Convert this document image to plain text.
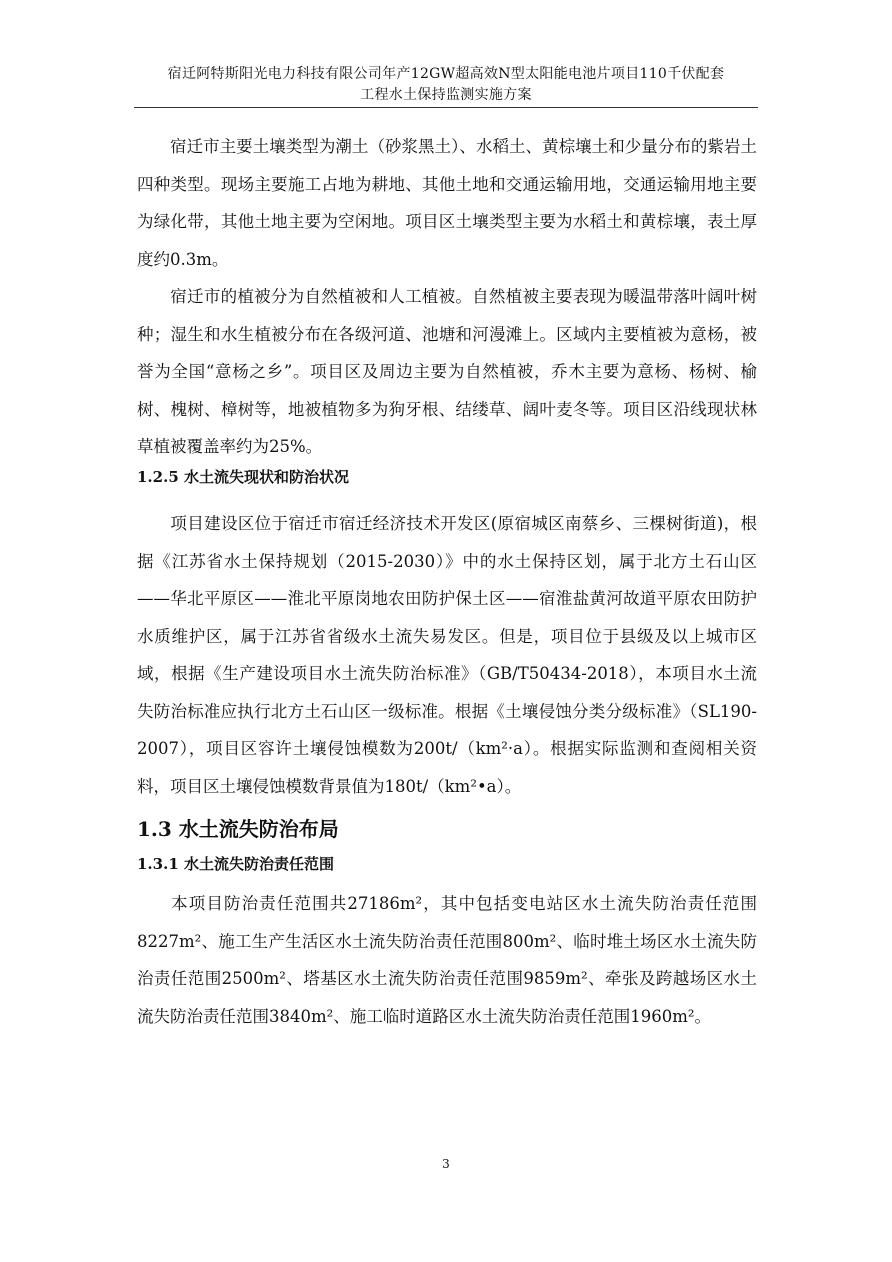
宿迁阿特斯阳光电力科技有限公司年产12GW超高效N型太阳能电池片项目110千伏配套
工程水土保持监测实施方案

宿迁市主要土壤类型为潮土（砂浆黑土）、水稻土、黄棕壤土和少量分布的紫岩土四种类型。现场主要施工占地为耕地、其他土地和交通运输用地，交通运输用地主要为绿化带，其他土地主要为空闲地。项目区土壤类型主要为水稻土和黄棕壤，表土厚度约0.3m。

宿迁市的植被分为自然植被和人工植被。自然植被主要表现为暖温带落叶阔叶树种；湿生和水生植被分布在各级河道、池塘和河漫滩上。区域内主要植被为意杨，被誉为全国“意杨之乡”。项目区及周边主要为自然植被，乔木主要为意杨、杨树、榆树、槐树、樟树等，地被植物多为狗牙根、结缕草、阔叶麦冬等。项目区沿线现状林草植被覆盖率约为25%。

1.2.5 水土流失现状和防治状况

项目建设区位于宿迁市宿迁经济技术开发区(原宿城区南蔡乡、三棵树街道)，根据《江苏省水土保持规划（2015-2030）》中的水土保持区划，属于北方土石山区——华北平原区——淮北平原岗地农田防护保土区——宿淮盐黄河故道平原农田防护水质维护区，属于江苏省省级水土流失易发区。但是，项目位于县级及以上城市区域，根据《生产建设项目水土流失防治标准》（GB/T50434-2018），本项目水土流失防治标准应执行北方土石山区一级标准。根据《土壤侵蚀分类分级标准》（SL190-2007），项目区容许土壤侵蚀模数为200t/（km²·a）。根据实际监测和查阅相关资料，项目区土壤侵蚀模数背景值为180t/（km²•a）。

1.3 水土流失防治布局
1.3.1 水土流失防治责任范围

本项目防治责任范围共27186m²，其中包括变电站区水土流失防治责任范围8227m²、施工生产生活区水土流失防治责任范围800m²、临时堆土场区水土流失防治责任范围2500m²、塔基区水土流失防治责任范围9859m²、牵张及跨越场区水土流失防治责任范围3840m²、施工临时道路区水土流失防治责任范围1960m²。

3
